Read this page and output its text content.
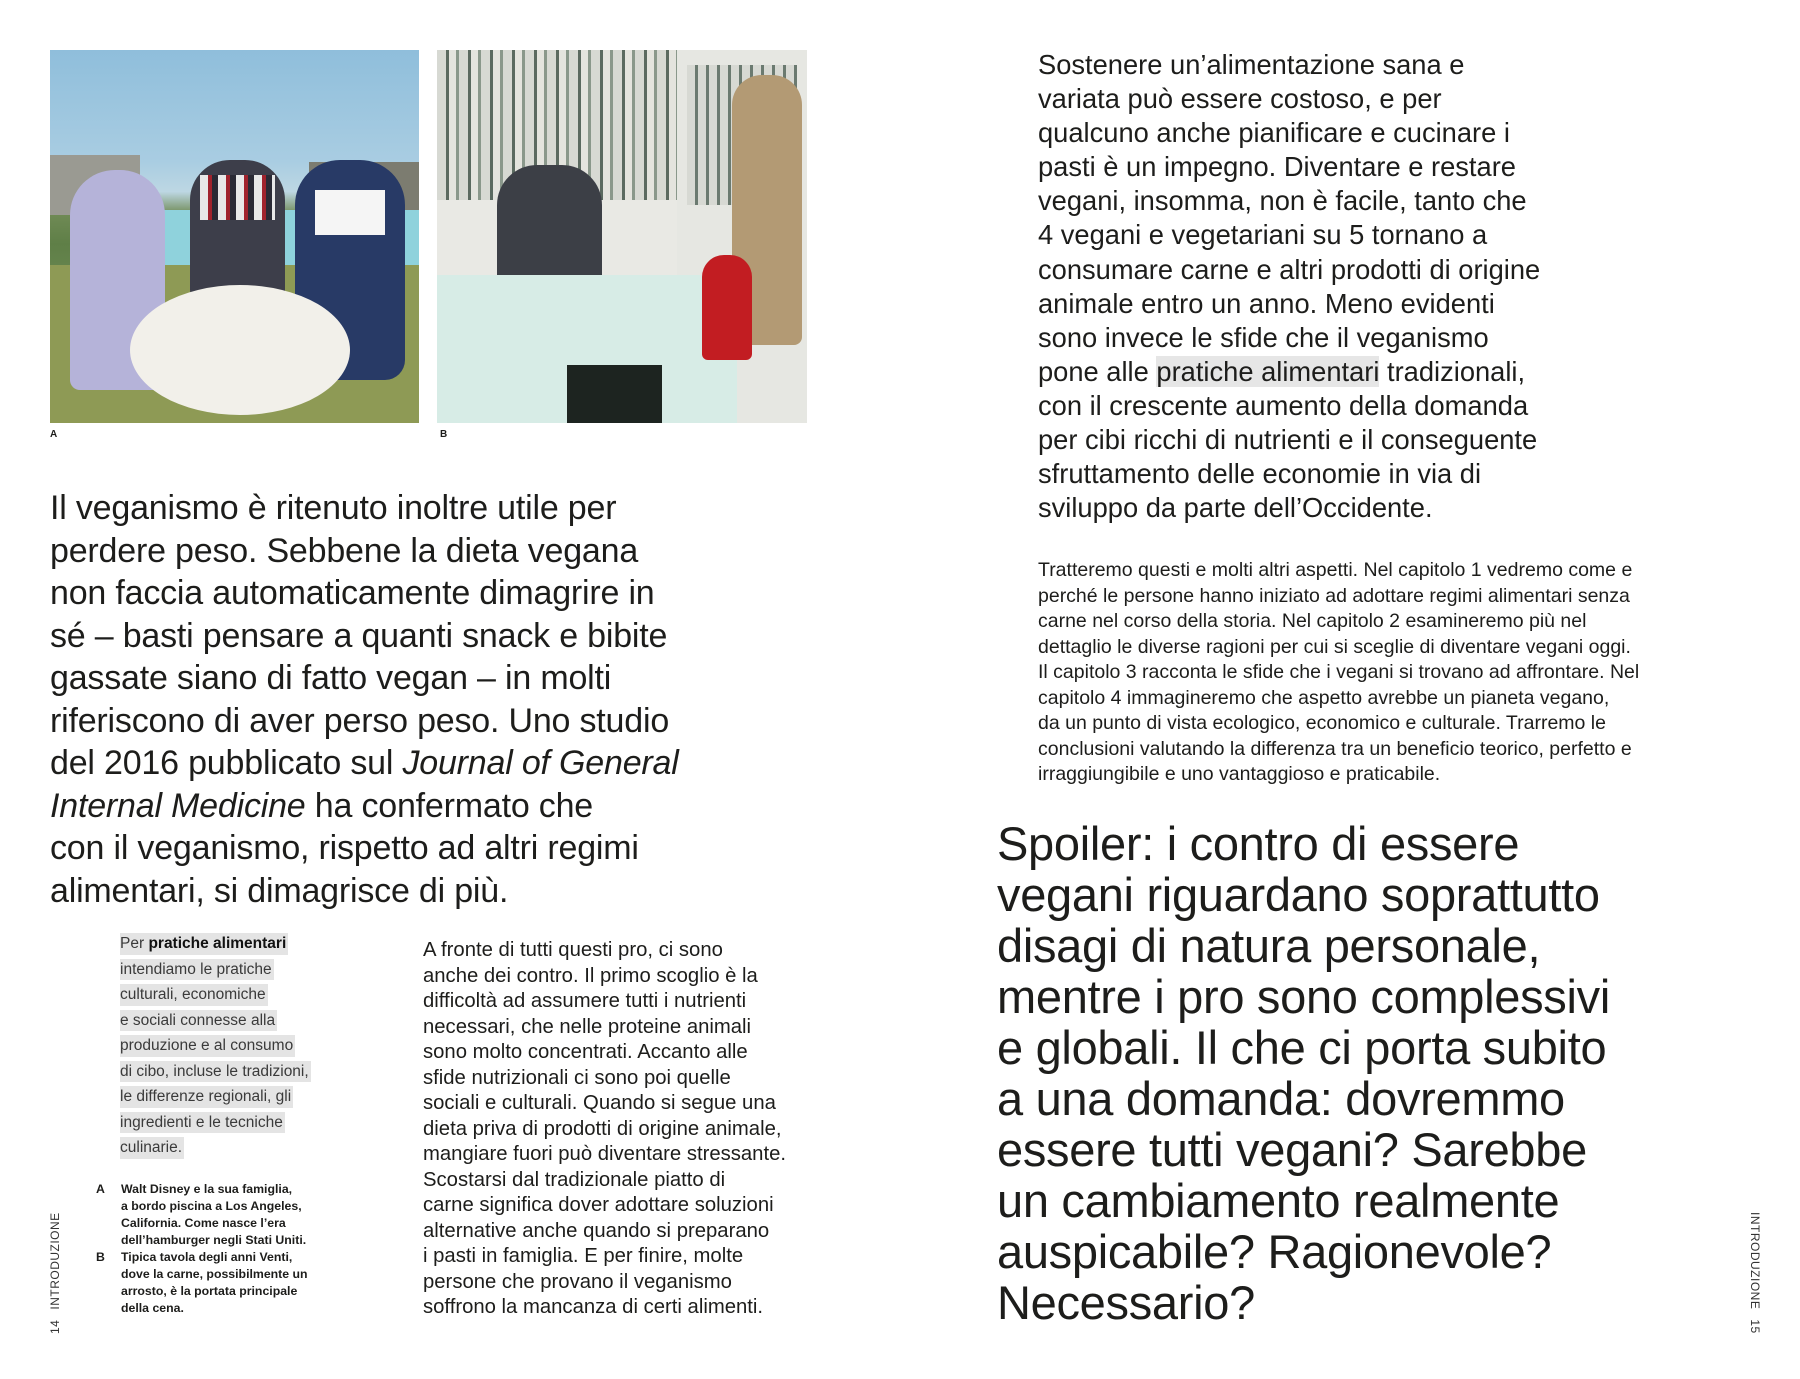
A	B
Il veganismo è ritenuto inoltre utile per
perdere peso. Sebbene la dieta vegana
non faccia automaticamente dimagrire in
sé – basti pensare a quanti snack e bibite
gassate siano di fatto vegan – in molti
riferiscono di aver perso peso. Uno studio
del 2016 pubblicato sul Journal of General
Internal Medicine ha confermato che
con il veganismo, rispetto ad altri regimi
alimentari, si dimagrisce di più.
Per pratiche alimentari
intendiamo le pratiche
culturali, economiche
e sociali connesse alla
produzione e al consumo
di cibo, incluse le tradizioni,
le differenze regionali, gli
ingredienti e le tecniche
culinarie.
A	Walt Disney e la sua famiglia,
a bordo piscina a Los Angeles,
California. Come nasce l’era
dell’hamburger negli Stati Uniti.
B	Tipica tavola degli anni Venti,
dove la carne, possibilmente un
arrosto, è la portata principale
della cena.
14INTRODUZIONE
A fronte di tutti questi pro, ci sono
anche dei contro. Il primo scoglio è la
difficoltà ad assumere tutti i nutrienti
necessari, che nelle proteine animali
sono molto concentrati. Accanto alle
sfide nutrizionali ci sono poi quelle
sociali e culturali. Quando si segue una
dieta priva di prodotti di origine animale,
mangiare fuori può diventare stressante.
Scostarsi dal tradizionale piatto di
carne significa dover adottare soluzioni
alternative anche quando si preparano
i pasti in famiglia. E per finire, molte
persone che provano il veganismo
soffrono la mancanza di certi alimenti.
Sostenere un’alimentazione sana e
variata può essere costoso, e per
qualcuno anche pianificare e cucinare i
pasti è un impegno. Diventare e restare
vegani, insomma, non è facile, tanto che
4 vegani e vegetariani su 5 tornano a
consumare carne e altri prodotti di origine
animale entro un anno. Meno evidenti
sono invece le sfide che il veganismo
pone alle pratiche alimentari tradizionali,
con il crescente aumento della domanda
per cibi ricchi di nutrienti e il conseguente
sfruttamento delle economie in via di
sviluppo da parte dell’Occidente.
Tratteremo questi e molti altri aspetti. Nel capitolo 1 vedremo come e
perché le persone hanno iniziato ad adottare regimi alimentari senza
carne nel corso della storia. Nel capitolo 2 esamineremo più nel
dettaglio le diverse ragioni per cui si sceglie di diventare vegani oggi.
Il capitolo 3 racconta le sfide che i vegani si trovano ad affrontare. Nel
capitolo 4 immagineremo che aspetto avrebbe un pianeta vegano,
da un punto di vista ecologico, economico e culturale. Trarremo le
conclusioni valutando la differenza tra un beneficio teorico, perfetto e
irraggiungibile e uno vantaggioso e praticabile.
Spoiler: i contro di essere
vegani riguardano soprattutto
disagi di natura personale,
mentre i pro sono complessivi
e globali. Il che ci porta subito
a una domanda: dovremmo
essere tutti vegani? Sarebbe
un cambiamento realmente
auspicabile? Ragionevole?
Necessario?	INTRODUZIONE15
